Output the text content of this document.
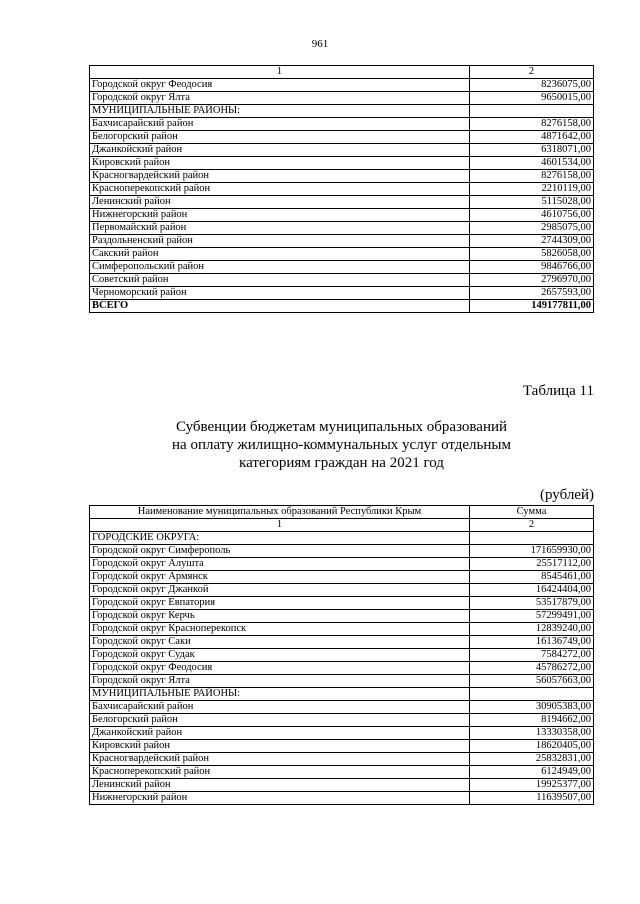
961
1	2
Городской округ Феодосия	8236075,00
Городской округ Ялта	9650015,00
МУНИЦИПАЛЬНЫЕ РАЙОНЫ:	
Бахчисарайский район	8276158,00
Белогорский район	4871642,00
Джанкойский район	6318071,00
Кировский район	4601534,00
Красногвардейский район	8276158,00
Красноперекопский район	2210119,00
Ленинский район	5115028,00
Нижнегорский район	4610756,00
Первомайский район	2985075,00
Раздольненский район	2744309,00
Сакский район	5826058,00
Симферопольский район	9846766,00
Советский район	2796970,00
Черноморский район	2657593,00
ВСЕГО	149177811,00
Таблица 11
Субвенции бюджетам муниципальных образований
на оплату жилищно-коммунальных услуг отдельным
категориям граждан на 2021 год
(рублей)
Наименование муниципальных образований Республики Крым	Сумма
1	2
ГОРОДСКИЕ ОКРУГА:	
Городской округ Симферополь	171659930,00
Городской округ Алушта	25517112,00
Городской округ Армянск	8545461,00
Городской округ Джанкой	16424404,00
Городской округ Евпатория	53517879,00
Городской округ Керчь	57299491,00
Городской округ Красноперекопск	12839240,00
Городской округ Саки	16136749,00
Городской округ Судак	7584272,00
Городской округ Феодосия	45786272,00
Городской округ Ялта	56057663,00
МУНИЦИПАЛЬНЫЕ РАЙОНЫ:	
Бахчисарайский район	30905383,00
Белогорский район	8194662,00
Джанкойский район	13330358,00
Кировский район	18620405,00
Красногвардейский район	25832831,00
Красноперекопский район	6124949,00
Ленинский район	19925377,00
Нижнегорский район	11639507,00
